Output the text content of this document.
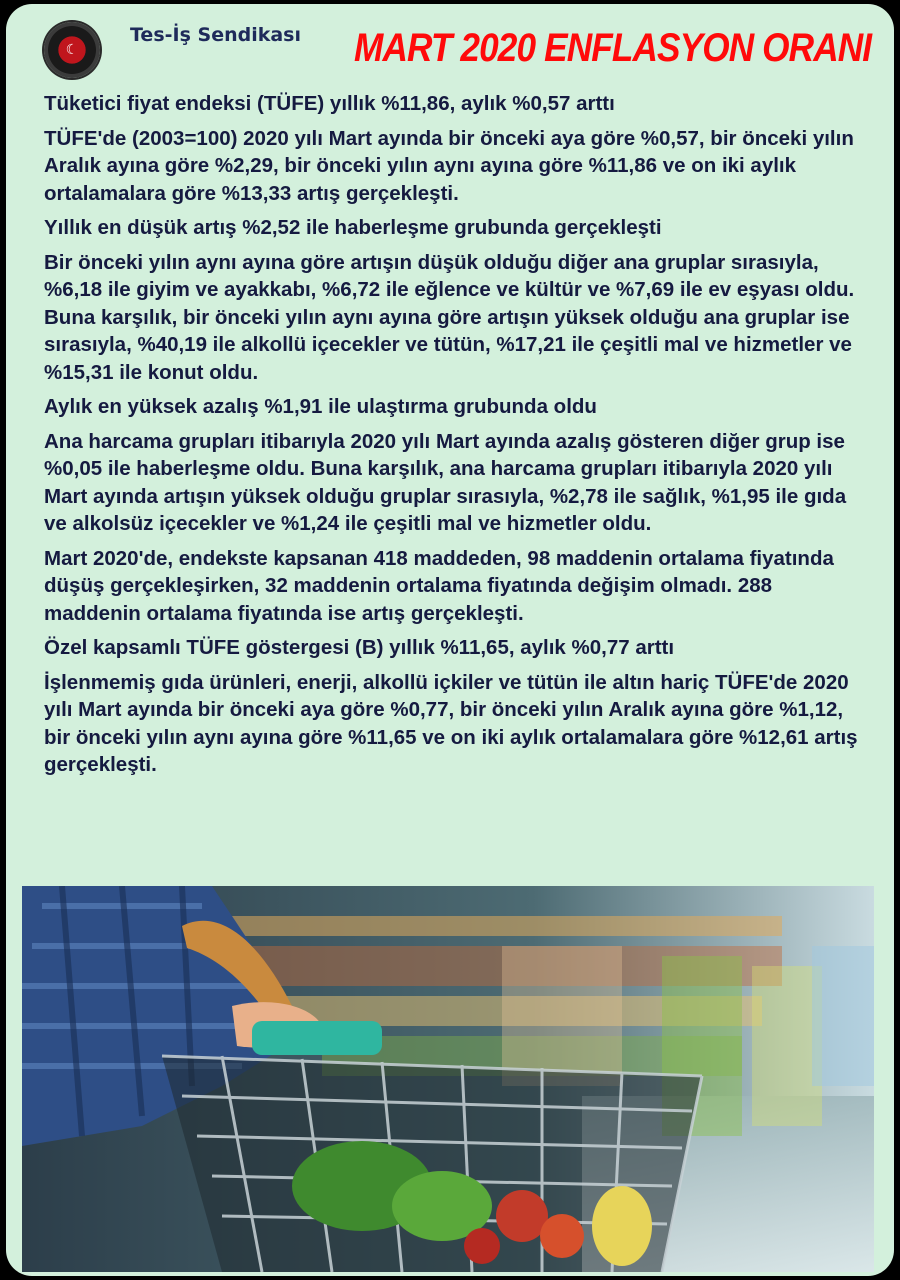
☾
Tes-İş Sendikası MART 2020 ENFLASYON ORANI

Tüketici fiyat endeksi (TÜFE) yıllık %11,86, aylık %0,57 arttı

TÜFE'de (2003=100) 2020 yılı Mart ayında bir önceki aya göre %0,57, bir önceki yılın Aralık ayına göre %2,29, bir önceki yılın aynı ayına göre %11,86 ve on iki aylık ortalamalara göre %13,33 artış gerçekleşti.

Yıllık en düşük artış %2,52 ile haberleşme grubunda gerçekleşti

Bir önceki yılın aynı ayına göre artışın düşük olduğu diğer ana gruplar sırasıyla, %6,18 ile giyim ve ayakkabı, %6,72 ile eğlence ve kültür ve %7,69 ile ev eşyası oldu. Buna karşılık, bir önceki yılın aynı ayına göre artışın yüksek olduğu ana gruplar ise sırasıyla, %40,19 ile alkollü içecekler ve tütün, %17,21 ile çeşitli mal ve hizmetler ve %15,31 ile konut oldu.

Aylık en yüksek azalış %1,91 ile ulaştırma grubunda oldu

Ana harcama grupları itibarıyla 2020 yılı Mart ayında azalış gösteren diğer grup ise %0,05 ile haberleşme oldu. Buna karşılık, ana harcama grupları itibarıyla 2020 yılı Mart ayında artışın yüksek olduğu gruplar sırasıyla, %2,78 ile sağlık, %1,95 ile gıda ve alkolsüz içecekler ve %1,24 ile çeşitli mal ve hizmetler oldu.

Mart 2020'de, endekste kapsanan 418 maddeden, 98 maddenin ortalama fiyatında düşüş gerçekleşirken, 32 maddenin ortalama fiyatında değişim olmadı. 288 maddenin ortalama fiyatında ise artış gerçekleşti.

Özel kapsamlı TÜFE göstergesi (B) yıllık %11,65, aylık %0,77 arttı

İşlenmemiş gıda ürünleri, enerji, alkollü içkiler ve tütün ile altın hariç TÜFE'de 2020 yılı Mart ayında bir önceki aya göre %0,77, bir önceki yılın Aralık ayına göre %1,12, bir önceki yılın aynı ayına göre %11,65 ve on iki aylık ortalamalara göre %12,61 artış gerçekleşti.
